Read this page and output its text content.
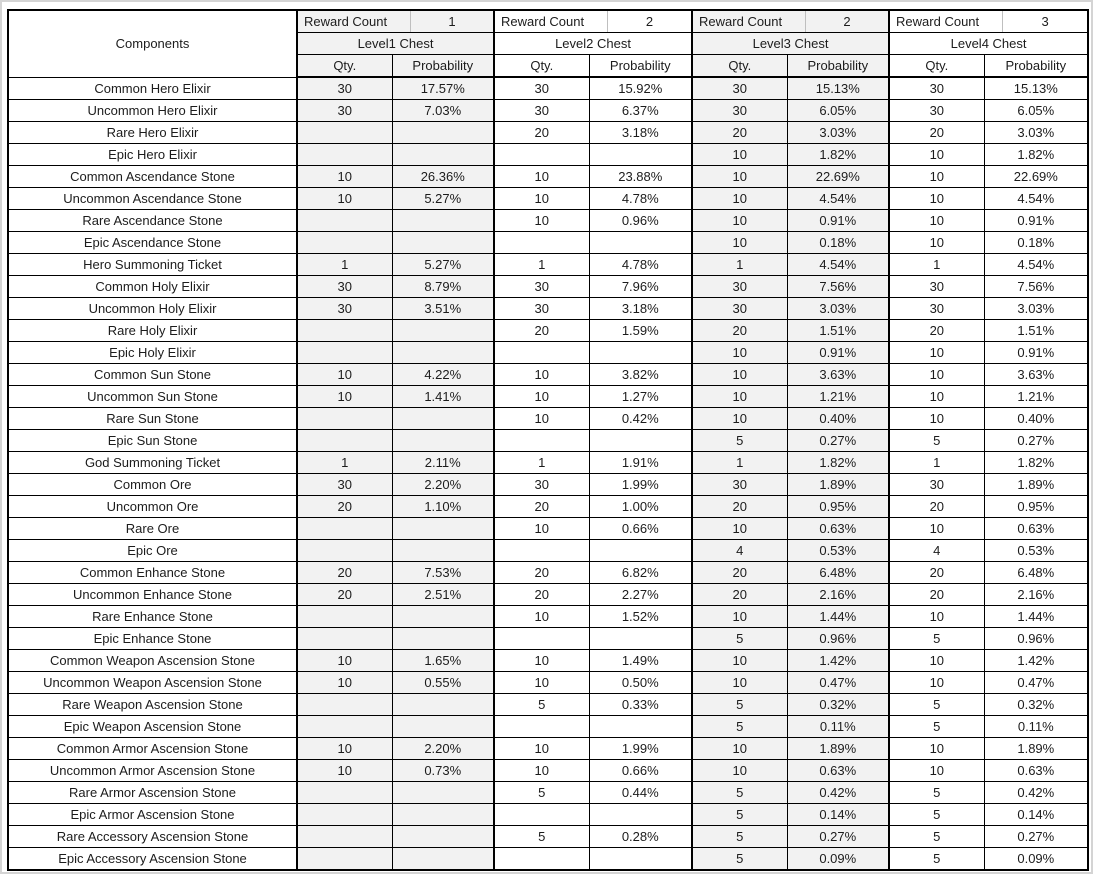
Components	Reward Count 1		Reward Count 2		Reward Count 2		Reward Count 3	

	Level1 Chest		Level2 Chest		Level3 Chest		Level4 Chest	
	Qty.	Probability	Qty.	Probability	Qty.	Probability	Qty.	Probability
Common Hero Elixir	30	17.57%	30	15.92%	30	15.13%	30	15.13%
Uncommon Hero Elixir	30	7.03%	30	6.37%	30	6.05%	30	6.05%
Rare Hero Elixir			20	3.18%	20	3.03%	20	3.03%
Epic Hero Elixir					10	1.82%	10	1.82%
Common Ascendance Stone	10	26.36%	10	23.88%	10	22.69%	10	22.69%
Uncommon Ascendance Stone	10	5.27%	10	4.78%	10	4.54%	10	4.54%
Rare Ascendance Stone			10	0.96%	10	0.91%	10	0.91%
Epic Ascendance Stone					10	0.18%	10	0.18%
Hero Summoning Ticket	1	5.27%	1	4.78%	1	4.54%	1	4.54%
Common Holy Elixir	30	8.79%	30	7.96%	30	7.56%	30	7.56%
Uncommon Holy Elixir	30	3.51%	30	3.18%	30	3.03%	30	3.03%
Rare Holy Elixir			20	1.59%	20	1.51%	20	1.51%
Epic Holy Elixir					10	0.91%	10	0.91%
Common Sun Stone	10	4.22%	10	3.82%	10	3.63%	10	3.63%
Uncommon Sun Stone	10	1.41%	10	1.27%	10	1.21%	10	1.21%
Rare Sun Stone			10	0.42%	10	0.40%	10	0.40%
Epic Sun Stone					5	0.27%	5	0.27%
God Summoning Ticket	1	2.11%	1	1.91%	1	1.82%	1	1.82%
Common Ore	30	2.20%	30	1.99%	30	1.89%	30	1.89%
Uncommon Ore	20	1.10%	20	1.00%	20	0.95%	20	0.95%
Rare Ore			10	0.66%	10	0.63%	10	0.63%
Epic Ore					4	0.53%	4	0.53%
Common Enhance Stone	20	7.53%	20	6.82%	20	6.48%	20	6.48%
Uncommon Enhance Stone	20	2.51%	20	2.27%	20	2.16%	20	2.16%
Rare Enhance Stone			10	1.52%	10	1.44%	10	1.44%
Epic Enhance Stone					5	0.96%	5	0.96%
Common Weapon Ascension Stone	10	1.65%	10	1.49%	10	1.42%	10	1.42%
Uncommon Weapon Ascension Stone	10	0.55%	10	0.50%	10	0.47%	10	0.47%
Rare Weapon Ascension Stone			5	0.33%	5	0.32%	5	0.32%
Epic Weapon Ascension Stone					5	0.11%	5	0.11%
Common Armor Ascension Stone	10	2.20%	10	1.99%	10	1.89%	10	1.89%
Uncommon Armor Ascension Stone	10	0.73%	10	0.66%	10	0.63%	10	0.63%
Rare Armor Ascension Stone			5	0.44%	5	0.42%	5	0.42%
Epic Armor Ascension Stone					5	0.14%	5	0.14%
Rare Accessory Ascension Stone			5	0.28%	5	0.27%	5	0.27%
Epic Accessory Ascension Stone					5	0.09%	5	0.09%
